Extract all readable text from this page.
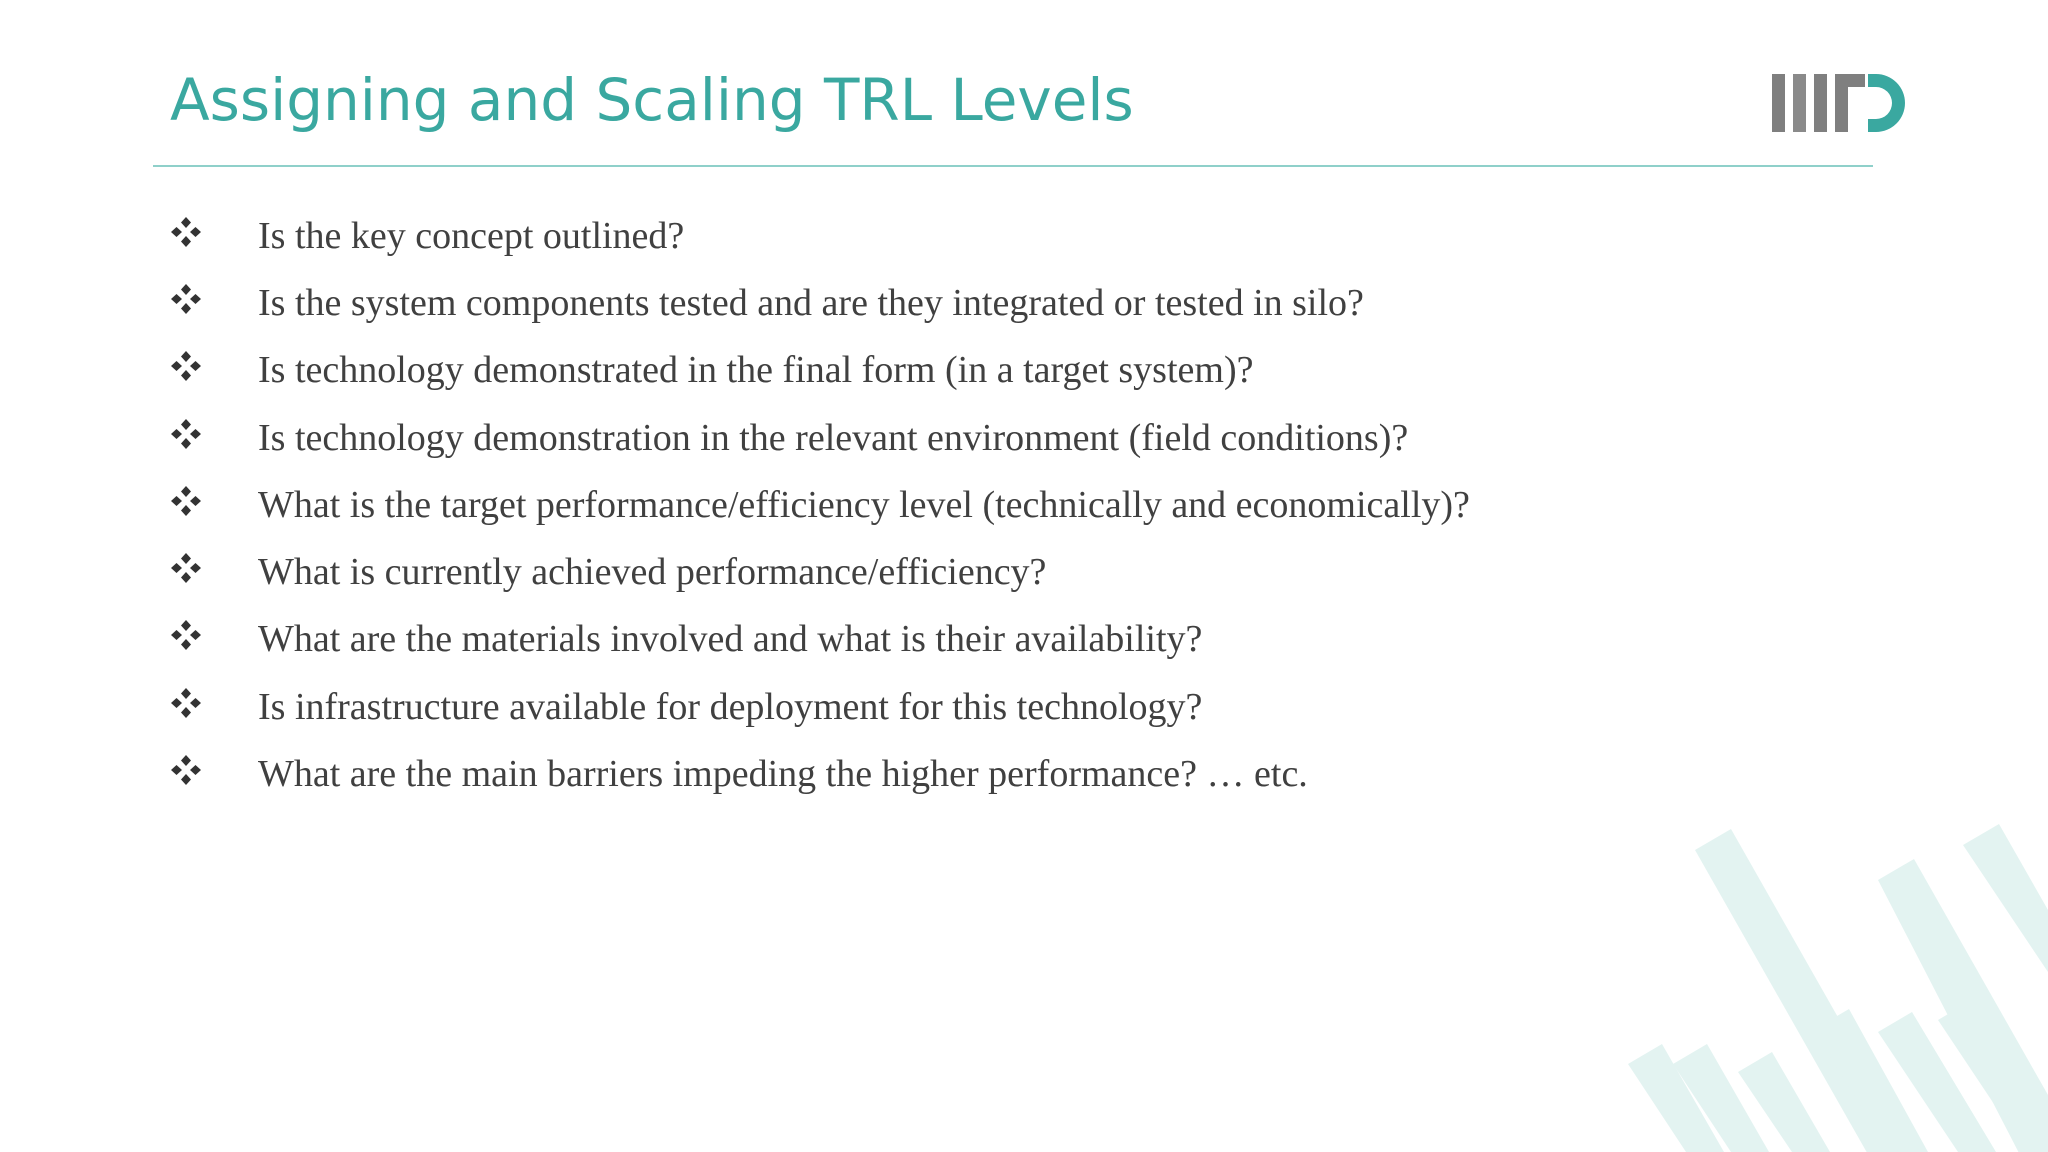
Assigning and Scaling TRL Levels
Is the key concept outlined?
Is the system components tested and are they integrated or tested in silo?
Is technology demonstrated in the final form (in a target system)?
Is technology demonstration in the relevant environment (field conditions)?
What is the target performance/efficiency level (technically and economically)?
What is currently achieved performance/efficiency?
What are the materials involved and what is their availability?
Is infrastructure available for deployment for this technology?
What are the main barriers impeding the higher performance? … etc.
